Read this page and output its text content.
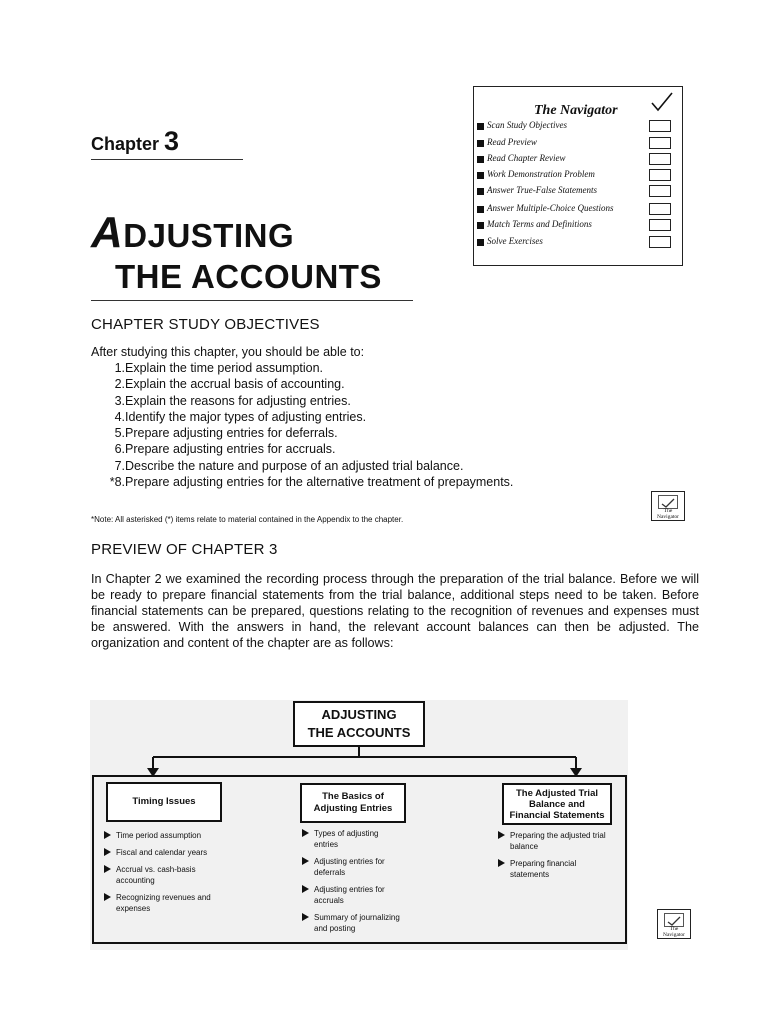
The Navigator
Scan Study Objectives
Read Preview
Read Chapter Review
Work Demonstration Problem
Answer True-False Statements
Answer Multiple-Choice Questions
Match Terms and Definitions
Solve Exercises
Chapter 3
ADJUSTING
THE ACCOUNTS
CHAPTER STUDY OBJECTIVES
After studying this chapter, you should be able to:
1. Explain the time period assumption.
2. Explain the accrual basis of accounting.
3. Explain the reasons for adjusting entries.
4. Identify the major types of adjusting entries.
5. Prepare adjusting entries for deferrals.
6. Prepare adjusting entries for accruals.
7. Describe the nature and purpose of an adjusted trial balance.
*8. Prepare adjusting entries for the alternative treatment of prepayments.
*Note: All asterisked (*) items relate to material contained in the Appendix to the chapter.
The
Navigator
PREVIEW OF CHAPTER 3

In Chapter 2 we examined the recording process through the preparation of the trial balance. Before we will be ready to prepare financial statements from the trial balance, additional steps need to be taken. Before financial statements can be prepared, questions relating to the recognition of revenues and expenses must be answered. With the answers in hand, the relevant account balances can then be adjusted. The organization and content of the chapter are as follows:

ADJUSTING
THE ACCOUNTS
Timing Issues
Time period assumption
Fiscal and calendar years
Accrual vs. cash-basis accounting
Recognizing revenues and expenses
The Basics of
Adjusting Entries
Types of adjusting entries
Adjusting entries for deferrals
Adjusting entries for accruals
Summary of journalizing and posting
The Adjusted Trial
Balance and
Financial Statements
Preparing the adjusted trial balance
Preparing financial statements
The
Navigator
